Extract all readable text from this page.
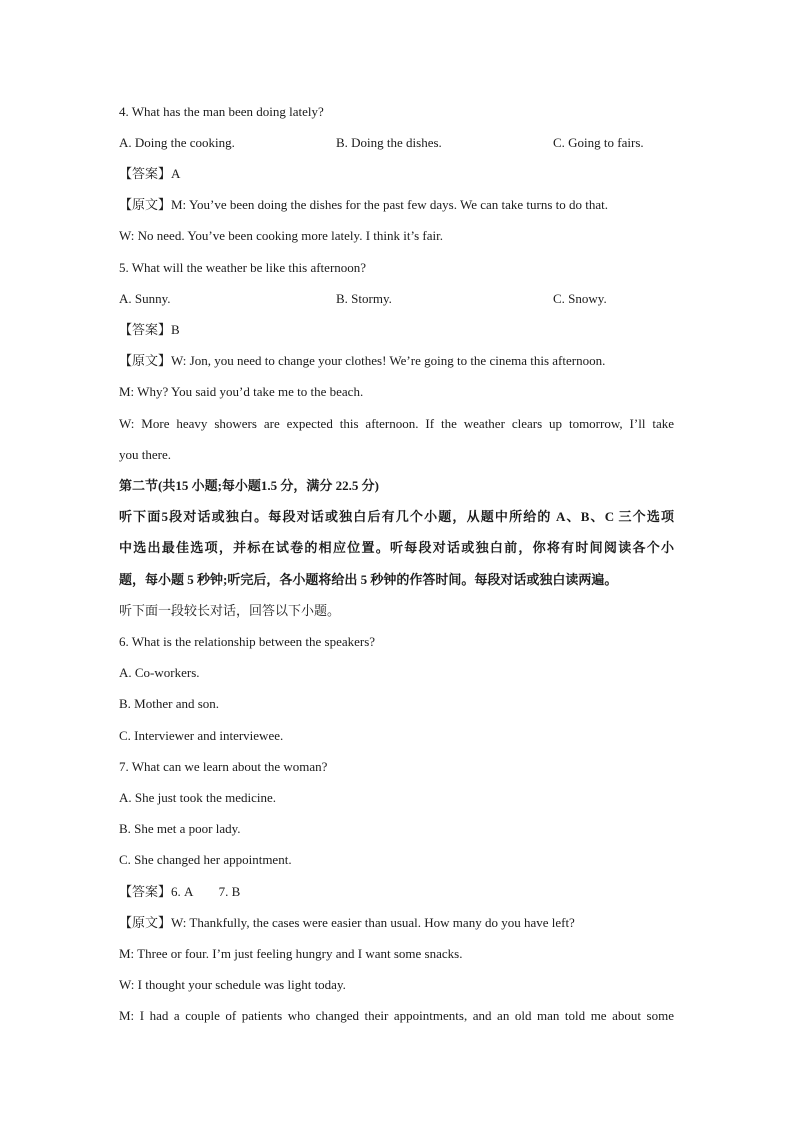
4. What has the man been doing lately?
A. Doing the cooking.	B. Doing the dishes.	C. Going to fairs.
【答案】A
【原文】M: You’ve been doing the dishes for the past few days. We can take turns to do that.
W: No need. You’ve been cooking more lately. I think it’s fair.
5. What will the weather be like this afternoon?
A. Sunny.	B. Stormy.	C. Snowy.
【答案】B
【原文】W: Jon, you need to change your clothes! We’re going to the cinema this afternoon.
M: Why? You said you’d take me to the beach.
W: More heavy showers are expected this afternoon. If the weather clears up tomorrow, I’ll take
you there.
第二节(共15 小题;每小题1.5 分，满分 22.5 分)
听下面5段对话或独白。每段对话或独白后有几个小题，从题中所给的 A、B、C 三个选项
中选出最佳选项，并标在试卷的相应位置。听每段对话或独白前，你将有时间阅读各个小
题，每小题 5 秒钟;听完后，各小题将给出 5 秒钟的作答时间。每段对话或独白读两遍。
听下面一段较长对话，回答以下小题。
6. What is the relationship between the speakers?
A. Co-workers.
B. Mother and son.
C. Interviewer and interviewee.
7. What can we learn about the woman?
A. She just took the medicine.
B. She met a poor lady.
C. She changed her appointment.
【答案】6. A        7. B
【原文】W: Thankfully, the cases were easier than usual. How many do you have left?
M: Three or four. I’m just feeling hungry and I want some snacks.
W: I thought your schedule was light today.
M: I had a couple of patients who changed their appointments, and an old man told me about some
